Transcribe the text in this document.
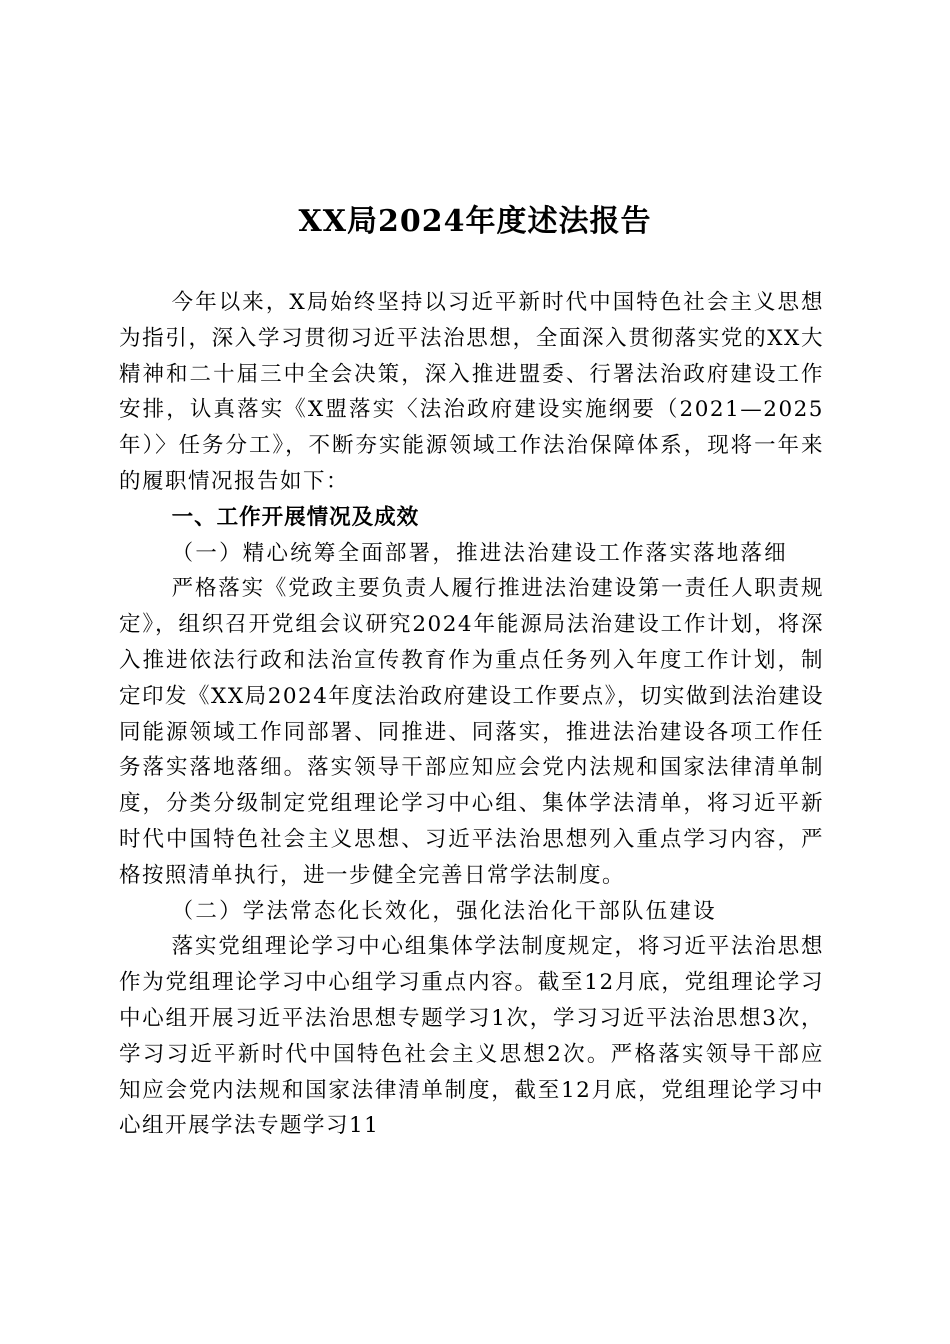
XX局2024年度述法报告

今年以来，X局始终坚持以习近平新时代中国特色社会主义思想为指引，深入学习贯彻习近平法治思想，全面深入贯彻落实党的XX大精神和二十届三中全会决策，深入推进盟委、行署法治政府建设工作安排，认真落实《X盟落实〈法治政府建设实施纲要（2021—2025年）〉任务分工》，不断夯实能源领域工作法治保障体系，现将一年来的履职情况报告如下：

一、工作开展情况及成效

（一）精心统筹全面部署，推进法治建设工作落实落地落细

严格落实《党政主要负责人履行推进法治建设第一责任人职责规定》，组织召开党组会议研究2024年能源局法治建设工作计划，将深入推进依法行政和法治宣传教育作为重点任务列入年度工作计划，制定印发《XX局2024年度法治政府建设工作要点》，切实做到法治建设同能源领域工作同部署、同推进、同落实，推进法治建设各项工作任务落实落地落细。落实领导干部应知应会党内法规和国家法律清单制度，分类分级制定党组理论学习中心组、集体学法清单，将习近平新时代中国特色社会主义思想、习近平法治思想列入重点学习内容，严格按照清单执行，进一步健全完善日常学法制度。

（二）学法常态化长效化，强化法治化干部队伍建设

落实党组理论学习中心组集体学法制度规定，将习近平法治思想作为党组理论学习中心组学习重点内容。截至12月底，党组理论学习中心组开展习近平法治思想专题学习1次，学习习近平法治思想3次，学习习近平新时代中国特色社会主义思想2次。严格落实领导干部应知应会党内法规和国家法律清单制度，截至12月底，党组理论学习中心组开展学法专题学习11
